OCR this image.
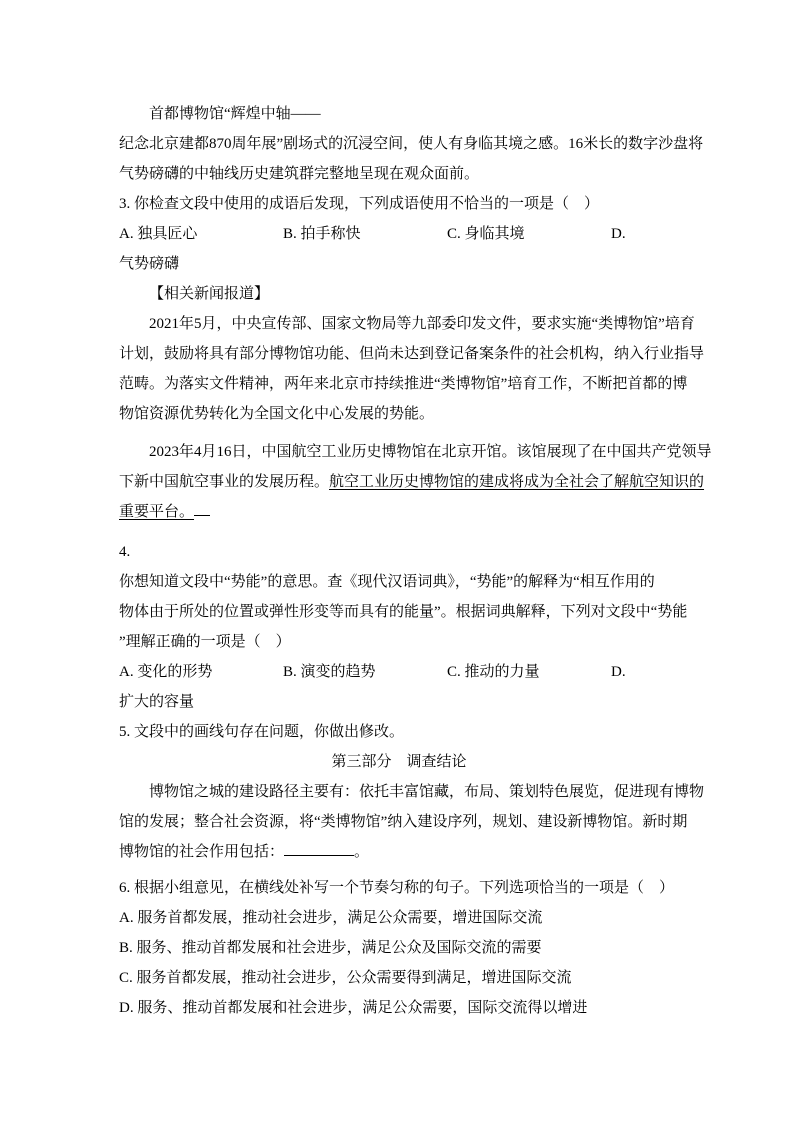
首都博物馆“辉煌中轴——
纪念北京建都870周年展”剧场式的沉浸空间，使人有身临其境之感。16米长的数字沙盘将
气势磅礴的中轴线历史建筑群完整地呈现在观众面前。
3. 你检查文段中使用的成语后发现，下列成语使用不恰当的一项是（　）
A. 独具匠心	B. 拍手称快	C. 身临其境	D.
气势磅礴
【相关新闻报道】
2021年5月，中央宣传部、国家文物局等九部委印发文件，要求实施“类博物馆”培育
计划，鼓励将具有部分博物馆功能、但尚未达到登记备案条件的社会机构，纳入行业指导
范畴。为落实文件精神，两年来北京市持续推进“类博物馆”培育工作，不断把首都的博
物馆资源优势转化为全国文化中心发展的势能。
2023年4月16日，中国航空工业历史博物馆在北京开馆。该馆展现了在中国共产党领导
下新中国航空事业的发展历程。航空工业历史博物馆的建成将成为全社会了解航空知识的
重要平台。
4.
你想知道文段中“势能”的意思。查《现代汉语词典》，“势能”的解释为“相互作用的
物体由于所处的位置或弹性形变等而具有的能量”。根据词典解释，下列对文段中“势能
”理解正确的一项是（　）
A. 变化的形势	B. 演变的趋势	C. 推动的力量	D.
扩大的容量
5. 文段中的画线句存在问题，你做出修改。
第三部分　调查结论
博物馆之城的建设路径主要有：依托丰富馆藏，布局、策划特色展览，促进现有博物
馆的发展；整合社会资源，将“类博物馆”纳入建设序列，规划、建设新博物馆。新时期
博物馆的社会作用包括：	。
6. 根据小组意见，在横线处补写一个节奏匀称的句子。下列选项恰当的一项是（　）
A. 服务首都发展，推动社会进步，满足公众需要，增进国际交流
B. 服务、推动首都发展和社会进步，满足公众及国际交流的需要
C. 服务首都发展，推动社会进步，公众需要得到满足，增进国际交流
D. 服务、推动首都发展和社会进步，满足公众需要，国际交流得以增进
